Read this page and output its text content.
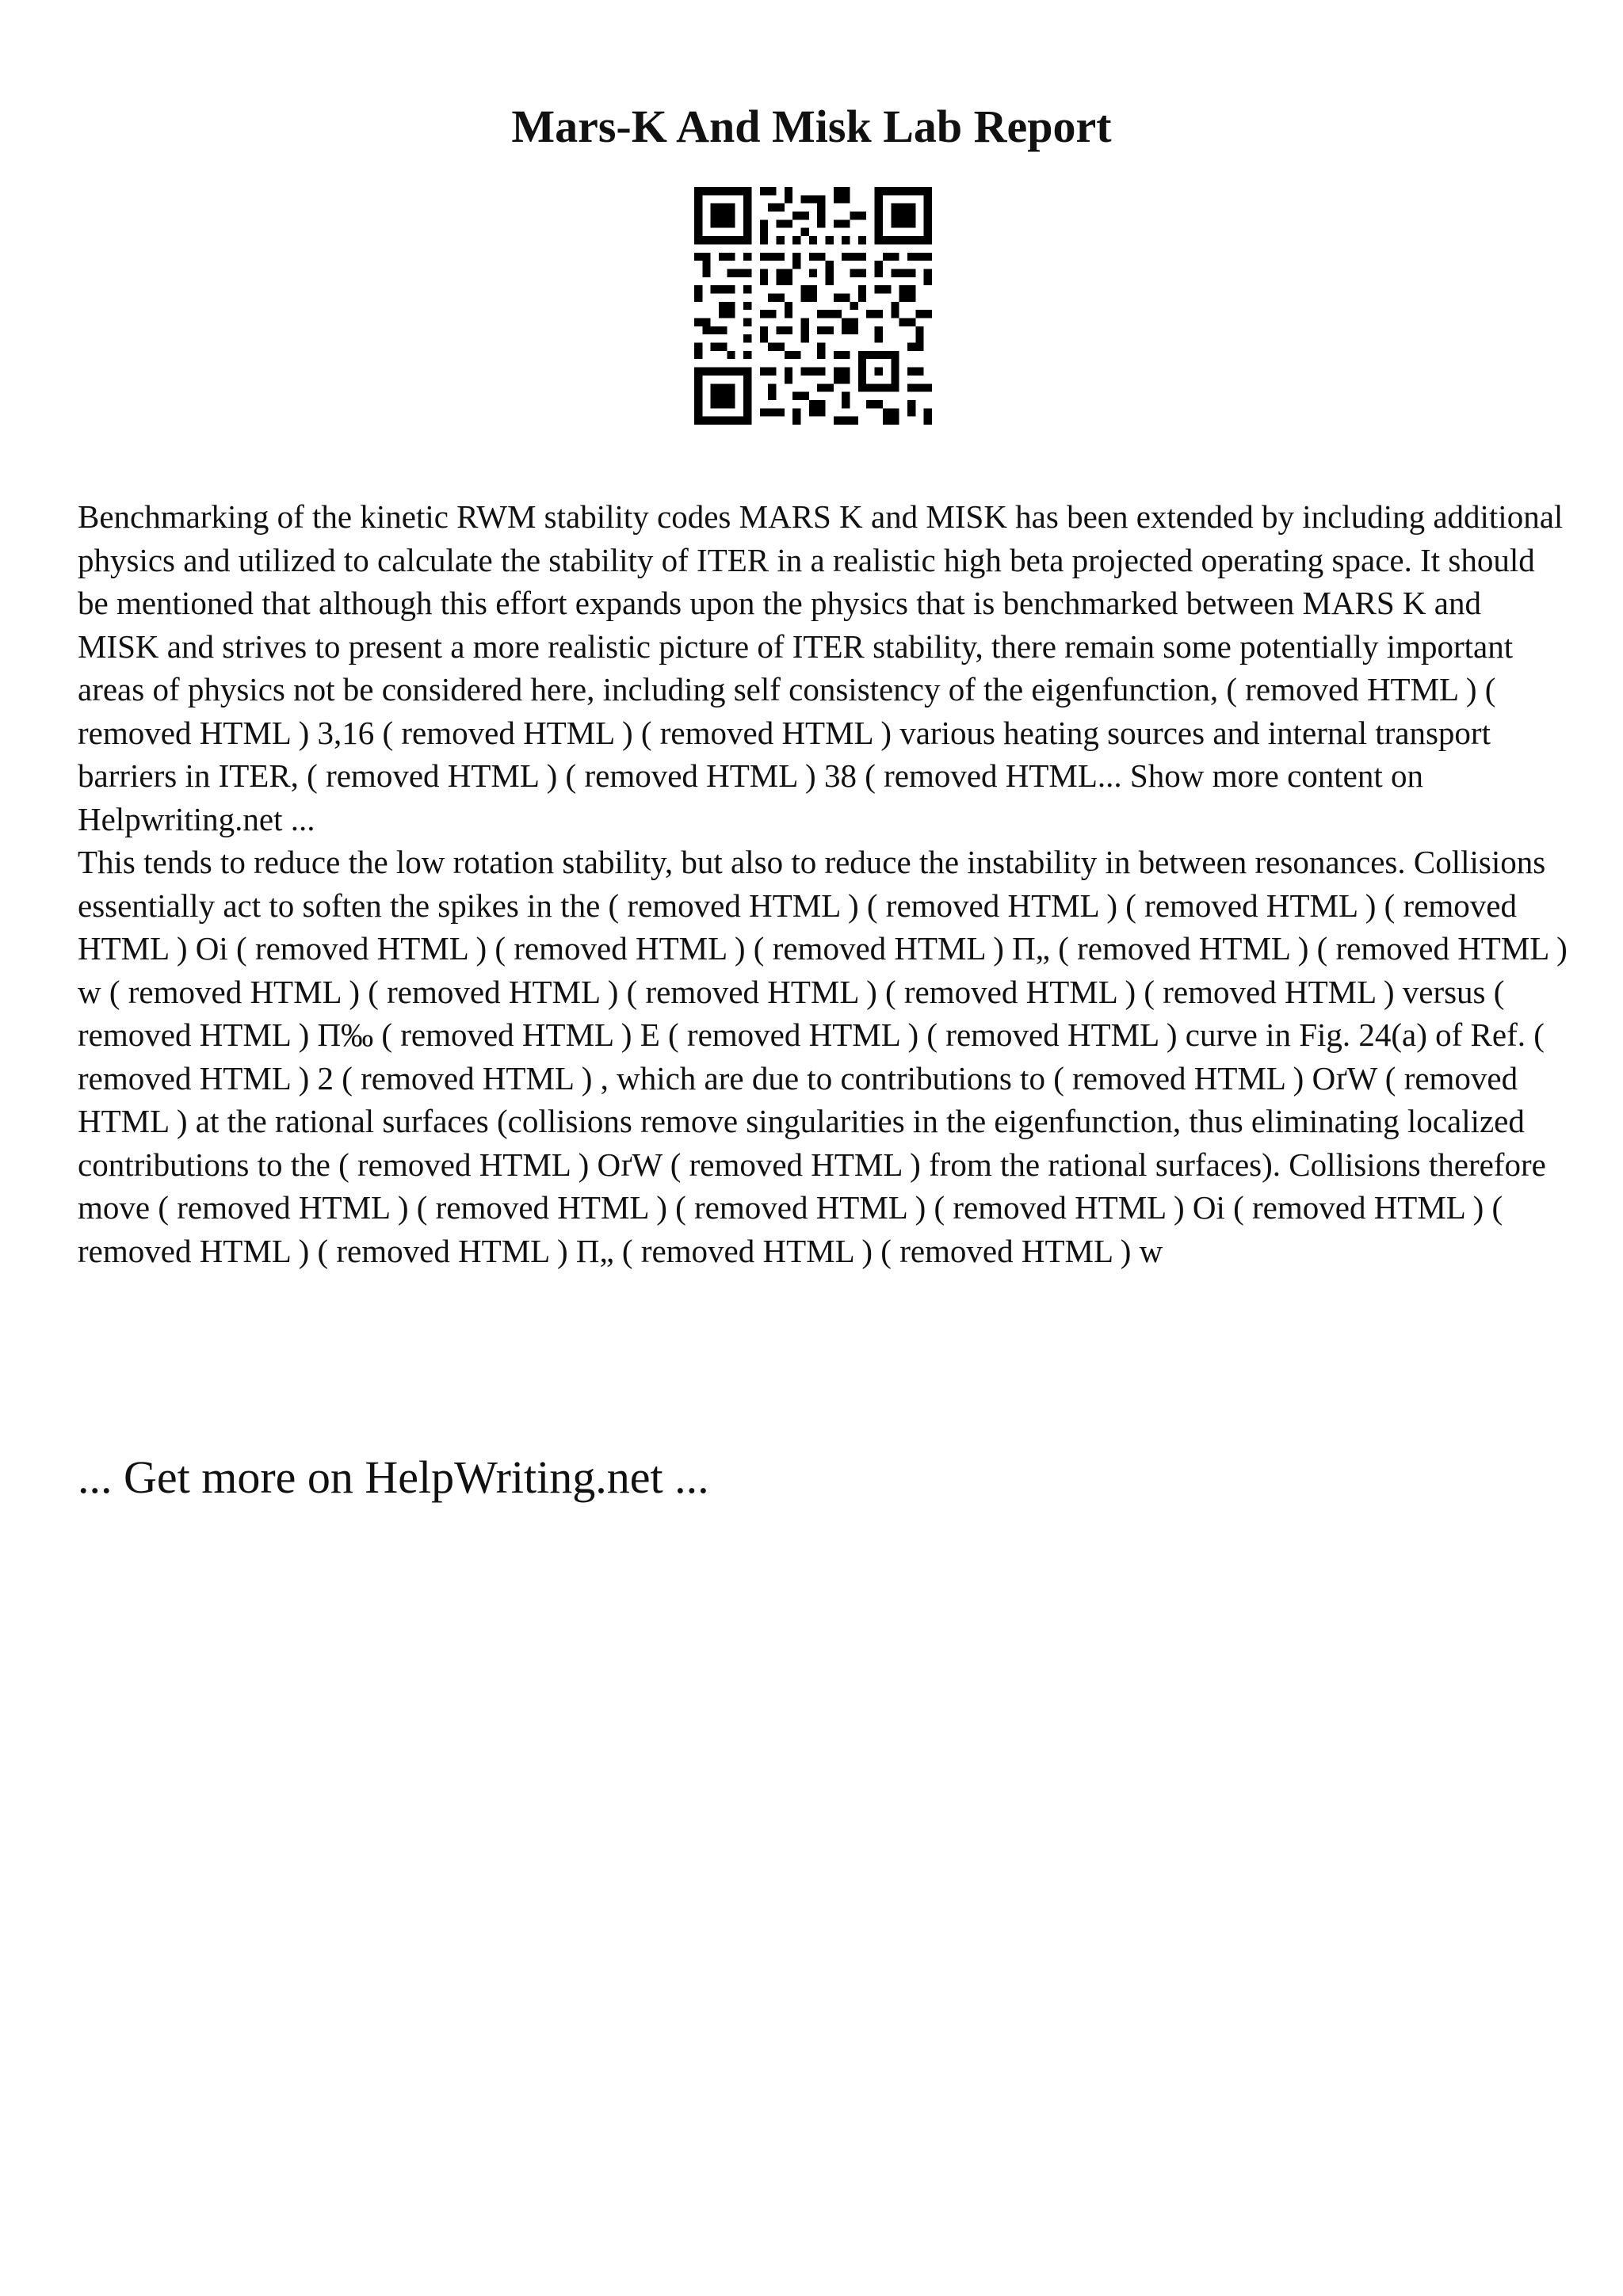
Mars-K And Misk Lab Report

Benchmarking of the kinetic RWM stability codes MARS K and MISK has been extended by including additional physics and utilized to calculate the stability of ITER in a realistic high beta projected operating space. It should be mentioned that although this effort expands upon the physics that is benchmarked between MARS K and MISK and strives to present a more realistic picture of ITER stability, there remain some potentially important areas of physics not be considered here, including self consistency of the eigenfunction, ( removed HTML ) ( removed HTML ) 3,16 ( removed HTML ) ( removed HTML ) various heating sources and internal transport barriers in ITER, ( removed HTML ) ( removed HTML ) 38 ( removed HTML... Show more content on Helpwriting.net ...

This tends to reduce the low rotation stability, but also to reduce the instability in between resonances. Collisions essentially act to soften the spikes in the ( removed HTML ) ( removed HTML ) ( removed HTML ) ( removed HTML ) Оi ( removed HTML ) ( removed HTML ) ( removed HTML ) Π„ ( removed HTML ) ( removed HTML ) w ( removed HTML ) ( removed HTML ) ( removed HTML ) ( removed HTML ) ( removed HTML ) versus ( removed HTML ) П‰ ( removed HTML ) E ( removed HTML ) ( removed HTML ) curve in Fig. 24(a) of Ref. ( removed HTML ) 2 ( removed HTML ) , which are due to contributions to ( removed HTML ) ОґW ( removed HTML ) at the rational surfaces (collisions remove singularities in the eigenfunction, thus eliminating localized contributions to the ( removed HTML ) ОґW ( removed HTML ) from the rational surfaces). Collisions therefore move ( removed HTML ) ( removed HTML ) ( removed HTML ) ( removed HTML ) Оi ( removed HTML ) ( removed HTML ) ( removed HTML ) Π„ ( removed HTML ) ( removed HTML ) w

... Get more on HelpWriting.net ...
